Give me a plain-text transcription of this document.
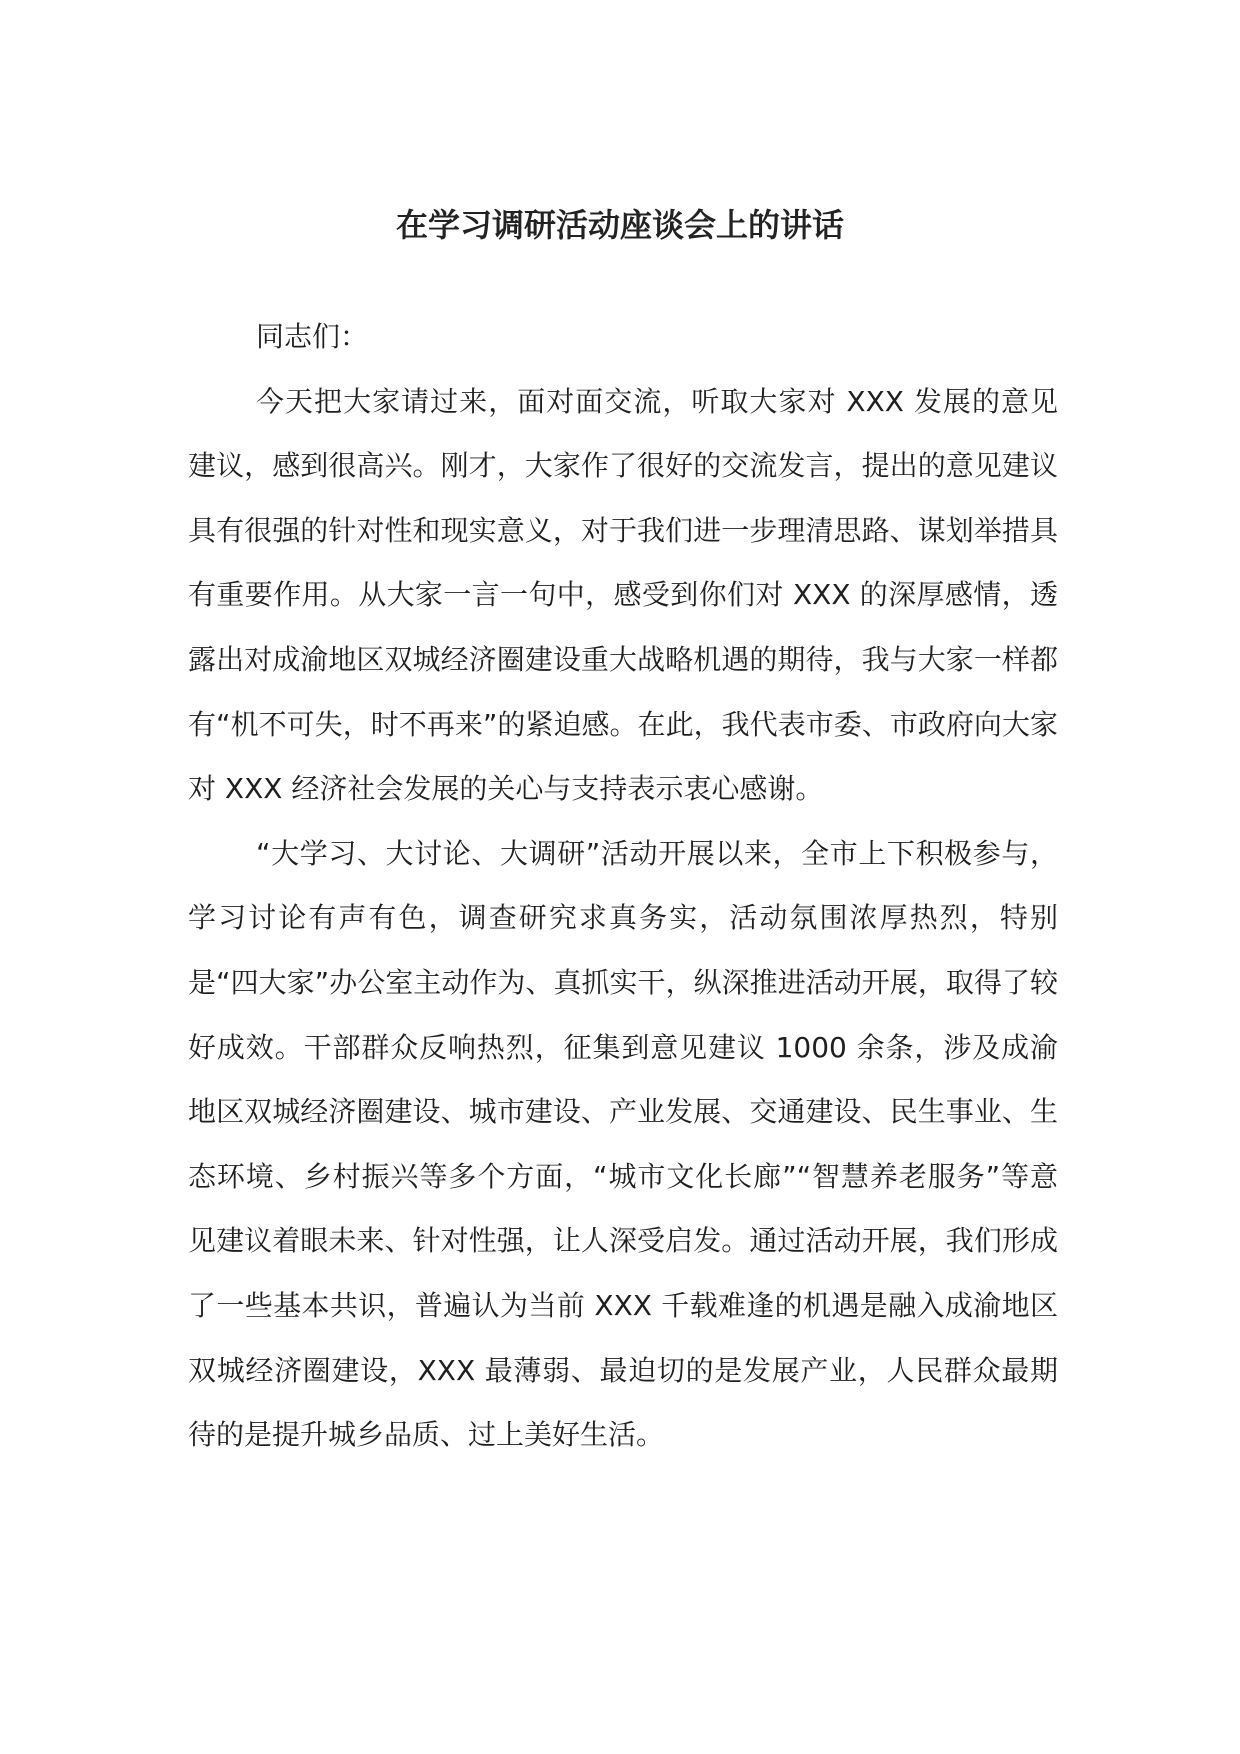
在学习调研活动座谈会上的讲话

同志们：

今天把大家请过来，面对面交流，听取大家对 XXX 发展的意见建议，感到很高兴。刚才，大家作了很好的交流发言，提出的意见建议具有很强的针对性和现实意义，对于我们进一步理清思路、谋划举措具有重要作用。从大家一言一句中，感受到你们对 XXX 的深厚感情，透露出对成渝地区双城经济圈建设重大战略机遇的期待，我与大家一样都有“机不可失，时不再来”的紧迫感。在此，我代表市委、市政府向大家对 XXX 经济社会发展的关心与支持表示衷心感谢。

“大学习、大讨论、大调研”活动开展以来，全市上下积极参与，学习讨论有声有色，调查研究求真务实，活动氛围浓厚热烈，特别是“四大家”办公室主动作为、真抓实干，纵深推进活动开展，取得了较好成效。干部群众反响热烈，征集到意见建议 1000 余条，涉及成渝地区双城经济圈建设、城市建设、产业发展、交通建设、民生事业、生态环境、乡村振兴等多个方面，“城市文化长廊”“智慧养老服务”等意见建议着眼未来、针对性强，让人深受启发。通过活动开展，我们形成了一些基本共识，普遍认为当前 XXX 千载难逢的机遇是融入成渝地区双城经济圈建设，XXX 最薄弱、最迫切的是发展产业，人民群众最期待的是提升城乡品质、过上美好生活。
